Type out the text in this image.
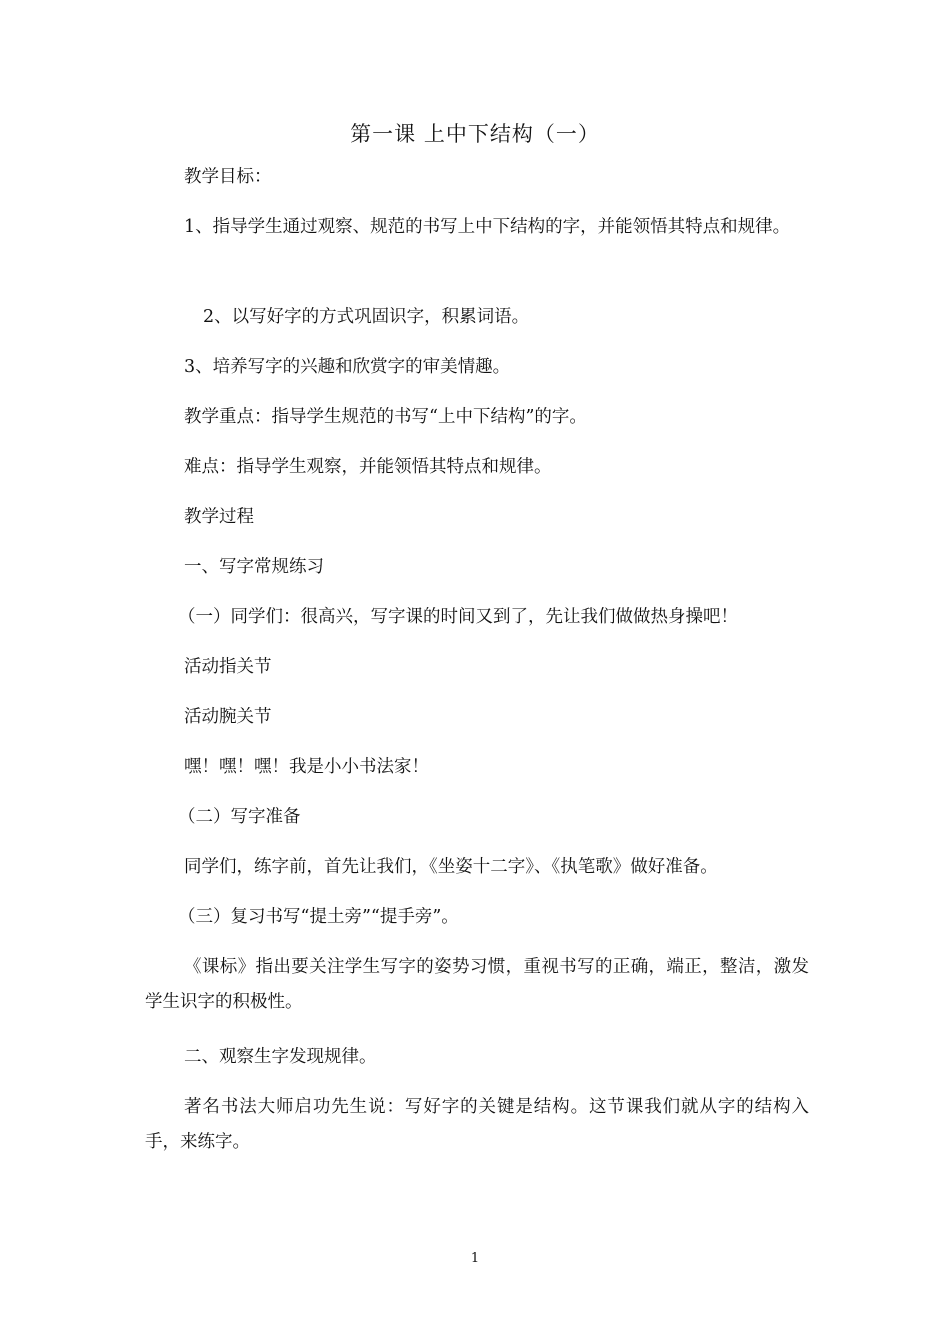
第一课 上中下结构（一）
教学目标：
1、指导学生通过观察、规范的书写上中下结构的字，并能领悟其特点和规律。
2、以写好字的方式巩固识字，积累词语。
3、培养写字的兴趣和欣赏字的审美情趣。
教学重点：指导学生规范的书写“上中下结构”的字。
难点：指导学生观察，并能领悟其特点和规律。
教学过程
一、写字常规练习
（一）同学们：很高兴，写字课的时间又到了，先让我们做做热身操吧！
活动指关节
活动腕关节
嘿！嘿！嘿！我是小小书法家！
（二）写字准备
同学们，练字前，首先让我们，《坐姿十二字》、《执笔歌》做好准备。
（三）复习书写“提土旁”“提手旁”。
《课标》指出要关注学生写字的姿势习惯，重视书写的正确，端正，整洁，激发学生识字的积极性。
二、观察生字发现规律。
著名书法大师启功先生说：写好字的关键是结构。这节课我们就从字的结构入手，来练字。
1
